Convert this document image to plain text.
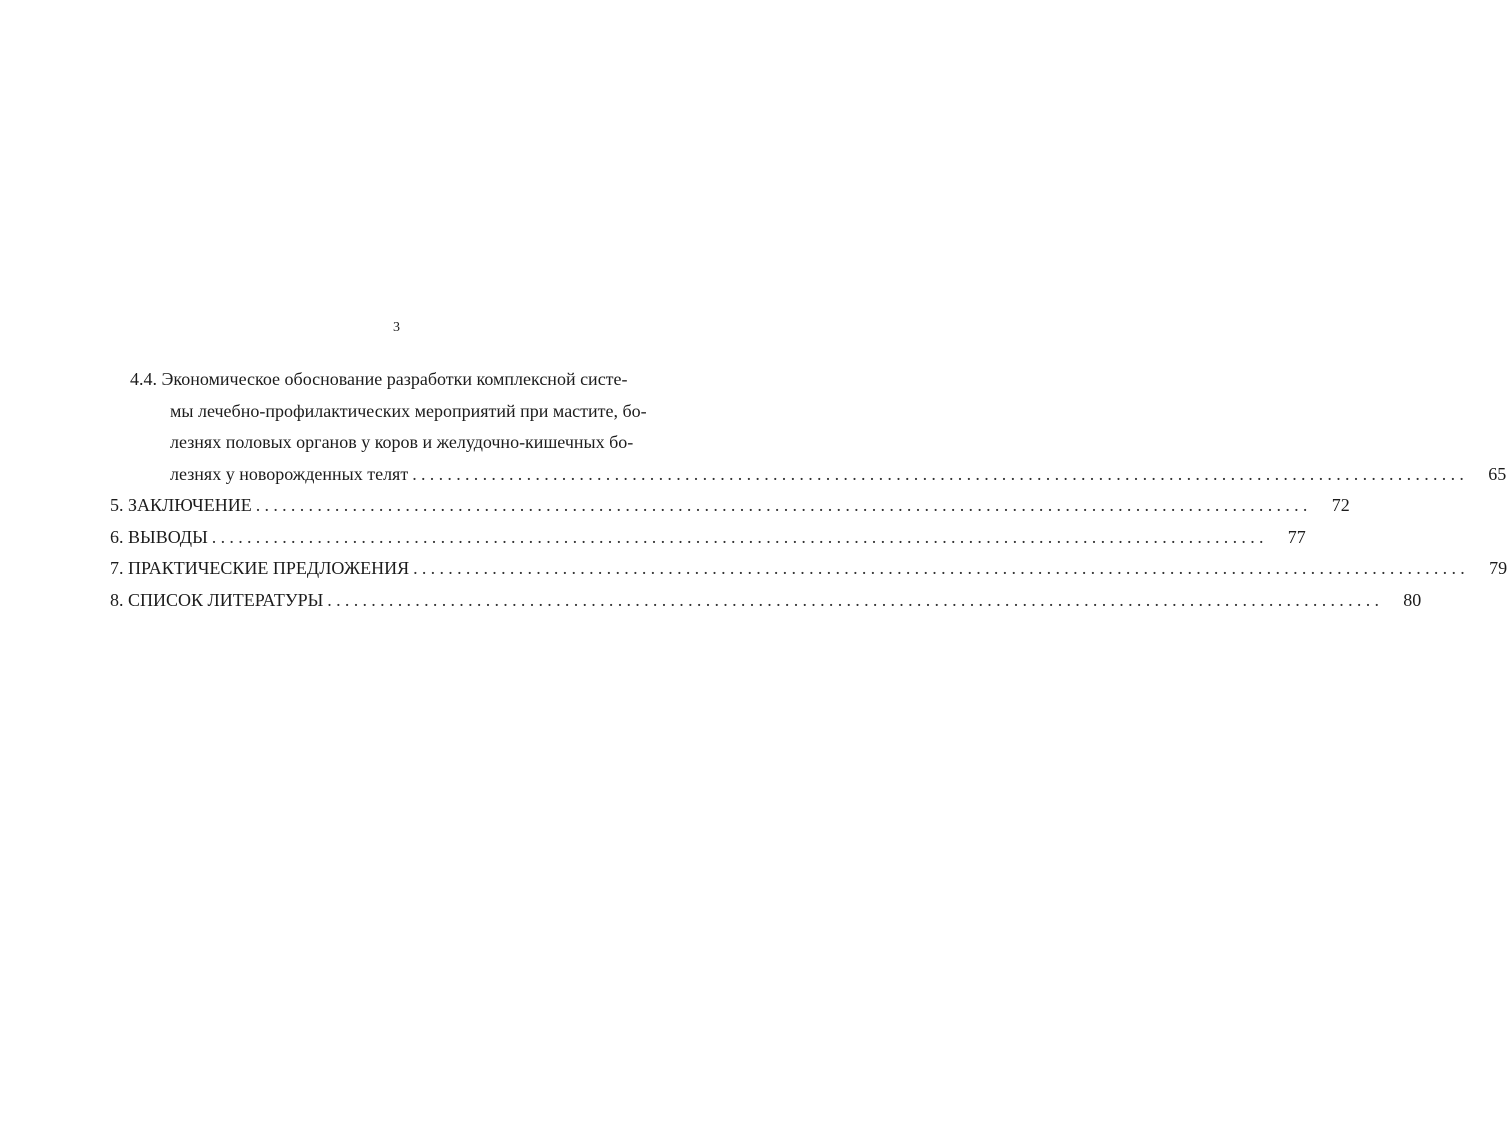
3
4.4. Экономическое обоснование разработки комплексной систе-
мы лечебно-профилактических мероприятий при мастите, бо-
лезнях половых органов у коров и желудочно-кишечных бо-
лезнях у новорожденных телят ........................................................................................................................	65
5. ЗАКЛЮЧЕНИЕ ........................................................................................................................	72
6. ВЫВОДЫ ........................................................................................................................	77
7. ПРАКТИЧЕСКИЕ ПРЕДЛОЖЕНИЯ ........................................................................................................................	79
8. СПИСОК ЛИТЕРАТУРЫ ........................................................................................................................	80
